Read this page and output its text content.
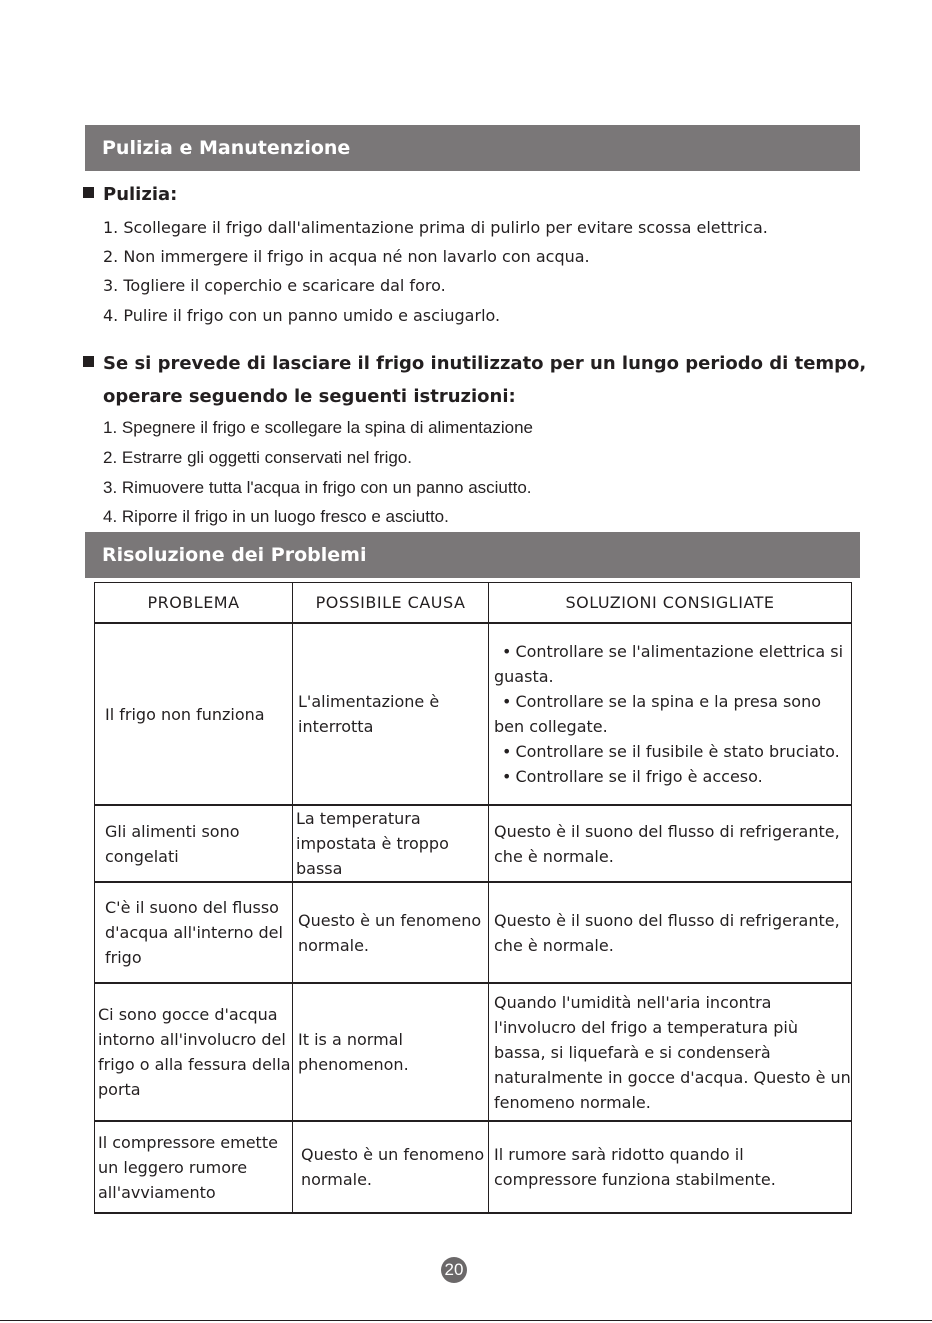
Pulizia e Manutenzione
Pulizia:
1. Scollegare il frigo dall'alimentazione prima di pulirlo per evitare scossa elettrica.
2. Non immergere il frigo in acqua né non lavarlo con acqua.
3. Togliere il coperchio e scaricare dal foro.
4. Pulire il frigo con un panno umido e asciugarlo.
Se si prevede di lasciare il frigo inutilizzato per un lungo periodo di tempo,
operare seguendo le seguenti istruzioni:
1. Spegnere il frigo e scollegare la spina di alimentazione
2. Estrarre gli oggetti conservati nel frigo.
3. Rimuovere tutta l'acqua in frigo con un panno asciutto.
4. Riporre il frigo in un luogo fresco e asciutto.
Risoluzione dei Problemi
PROBLEMA	POSSIBILE CAUSA	SOLUZIONI CONSIGLIATE
Il frigo non funziona	L'alimentazione è interrotta	• Controllare se l'alimentazione elettrica si guasta.
• Controllare se la spina e la presa sono ben collegate.
• Controllare se il fusibile è stato bruciato.
• Controllare se il frigo è acceso.

Gli alimenti sono congelati	La temperatura impostata è troppo bassa	Questo è il suono del flusso di refrigerante, che è normale.
C'è il suono del flusso d'acqua all'interno del frigo	Questo è un fenomeno normale.	Questo è il suono del flusso di refrigerante, che è normale.
Ci sono gocce d'acqua intorno all'involucro del frigo o alla fessura della porta	It is a normal phenomenon.	Quando l'umidità nell'aria incontra l'involucro del frigo a temperatura più bassa, si liquefarà e si condenserà naturalmente in gocce d'acqua. Questo è un fenomeno normale.
Il compressore emette un leggero rumore all'avviamento	Questo è un fenomeno normale.	Il rumore sarà ridotto quando il compressore funziona stabilmente.
20
